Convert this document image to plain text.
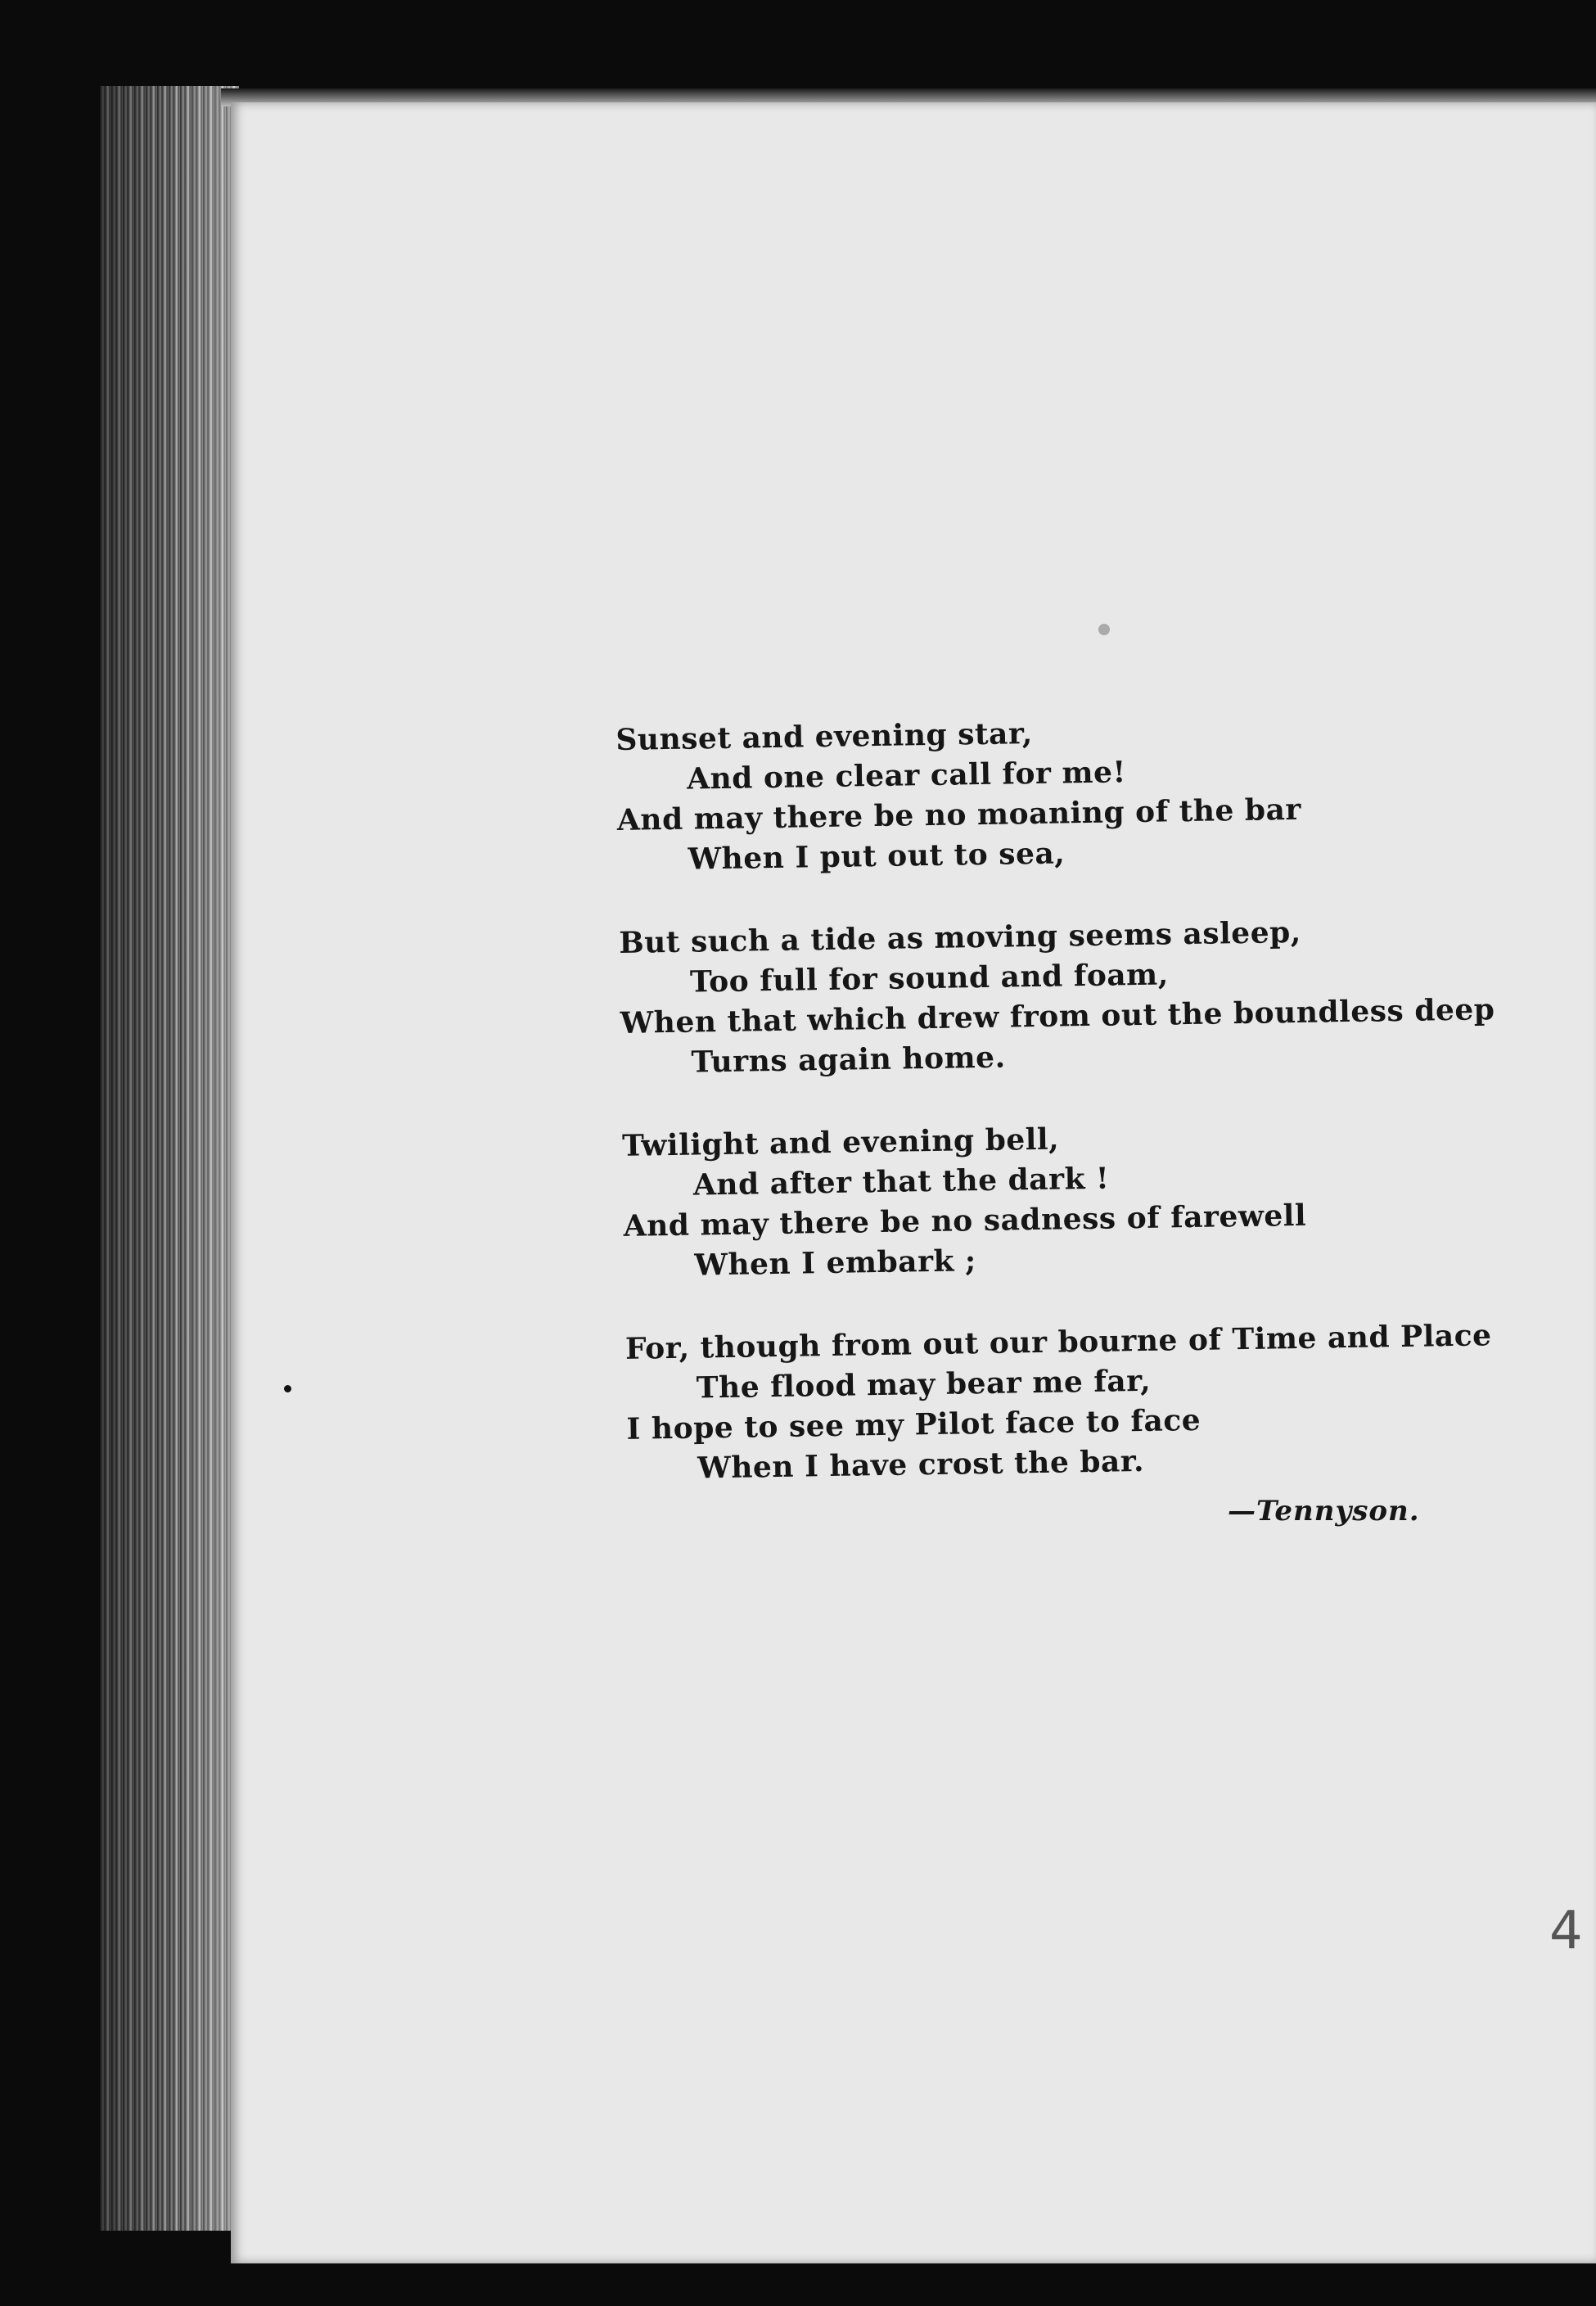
Sunset and evening star,
And one clear call for me!
And may there be no moaning of the bar
When I put out to sea,
But such a tide as moving seems asleep,
Too full for sound and foam,
When that which drew from out the boundless deep
Turns again home.
Twilight and evening bell,
And after that the dark !
And may there be no sadness of farewell
When I embark ;
For, though from out our bourne of Time and Place
The flood may bear me far,
I hope to see my Pilot face to face
When I have crost the bar.
—Tennyson.
4
